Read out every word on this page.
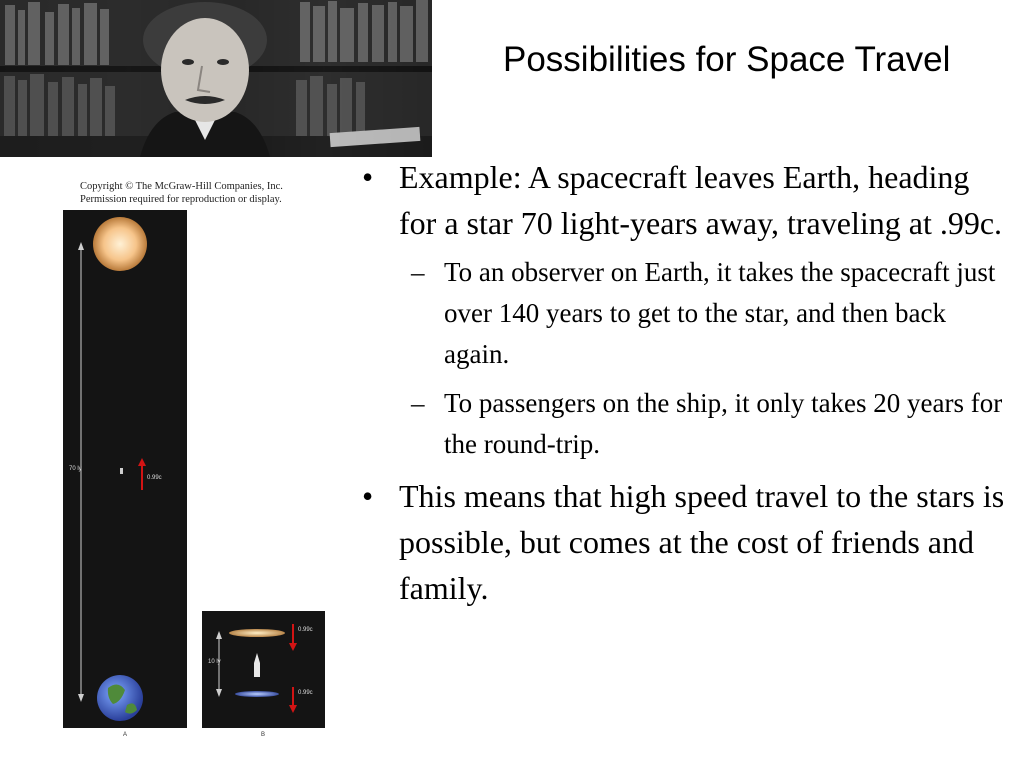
Possibilities for Space Travel
Copyright © The McGraw-Hill Companies, Inc.
Permission required for reproduction or display.
70 ly
0.99c
10 ly
0.99c
0.99c
A	B
• Example: A spacecraft leaves Earth, heading for a star 70 light-years away, traveling at .99c.
– To an observer on Earth, it takes the spacecraft just over 140 years to get to the star, and then back again.
– To passengers on the ship, it only takes 20 years for the round-trip.
• This means that high speed travel to the stars is possible, but comes at the cost of friends and family.
